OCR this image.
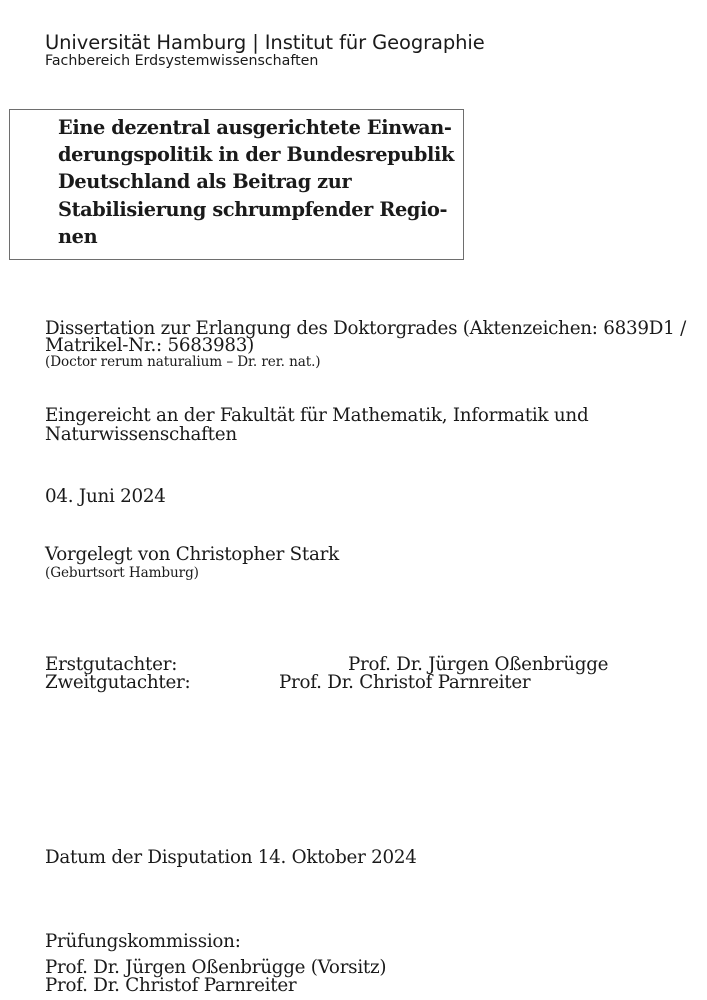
Universität Hamburg | Institut für Geographie
Fachbereich Erdsystemwissenschaften
Eine dezentral ausgerichtete Einwan-
derungspolitik in der Bundesrepublik
Deutschland als Beitrag zur
Stabilisierung schrumpfender Regio-
nen
Dissertation zur Erlangung des Doktorgrades (Aktenzeichen: 6839D1 /
Matrikel-Nr.: 5683983)
(Doctor rerum naturalium – Dr. rer. nat.)
Eingereicht an der Fakultät für Mathematik, Informatik und
Naturwissenschaften
04. Juni 2024
Vorgelegt von Christopher Stark
(Geburtsort Hamburg)
Erstgutachter:	Prof. Dr. Jürgen Oßenbrügge
Zweitgutachter:	Prof. Dr. Christof Parnreiter
Datum der Disputation 14. Oktober 2024
Prüfungskommission:
Prof. Dr. Jürgen Oßenbrügge (Vorsitz)
Prof. Dr. Christof Parnreiter
